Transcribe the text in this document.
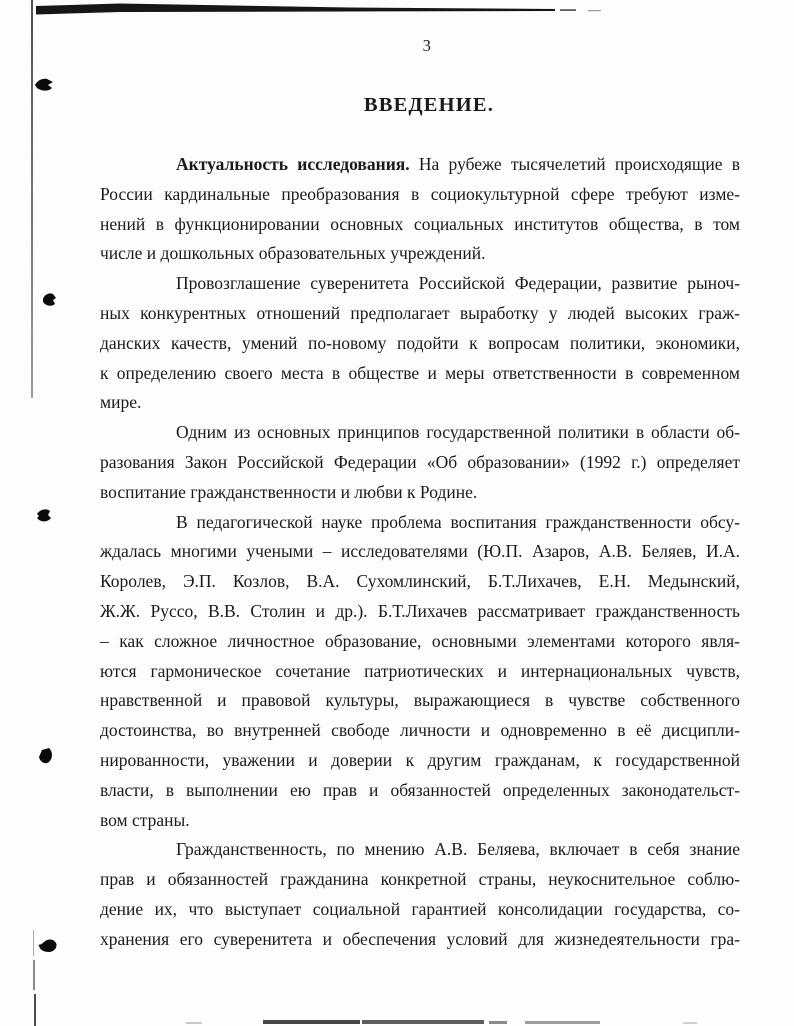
3
ВВЕДЕНИЕ.
Актуальность исследования. На рубеже тысячелетий происходящие в
России кардинальные преобразования в социокультурной сфере требуют изме-
нений в функционировании основных социальных институтов общества, в том
числе и дошкольных образовательных учреждений.
Провозглашение суверенитета Российской Федерации, развитие рыноч-
ных конкурентных отношений предполагает выработку у людей высоких граж-
данских качеств, умений по-новому подойти к вопросам политики, экономики,
к определению своего места в обществе и меры ответственности в современном
мире.
Одним из основных принципов государственной политики в области об-
разования Закон Российской Федерации «Об образовании» (1992 г.) определяет
воспитание гражданственности и любви к Родине.
В педагогической науке проблема воспитания гражданственности обсу-
ждалась многими учеными – исследователями (Ю.П. Азаров, А.В. Беляев, И.А.
Королев, Э.П. Козлов, В.А. Сухомлинский, Б.Т.Лихачев, Е.Н. Медынский,
Ж.Ж. Руссо, В.В. Столин и др.). Б.Т.Лихачев рассматривает гражданственность
– как сложное личностное образование, основными элементами которого явля-
ются гармоническое сочетание патриотических и интернациональных чувств,
нравственной и правовой культуры, выражающиеся в чувстве собственного
достоинства, во внутренней свободе личности и одновременно в её дисципли-
нированности, уважении и доверии к другим гражданам, к государственной
власти, в выполнении ею прав и обязанностей определенных законодательст-
вом страны.
Гражданственность, по мнению А.В. Беляева, включает в себя знание
прав и обязанностей гражданина конкретной страны, неукоснительное соблю-
дение их, что выступает социальной гарантией консолидации государства, со-
хранения его суверенитета и обеспечения условий для жизнедеятельности гра-
